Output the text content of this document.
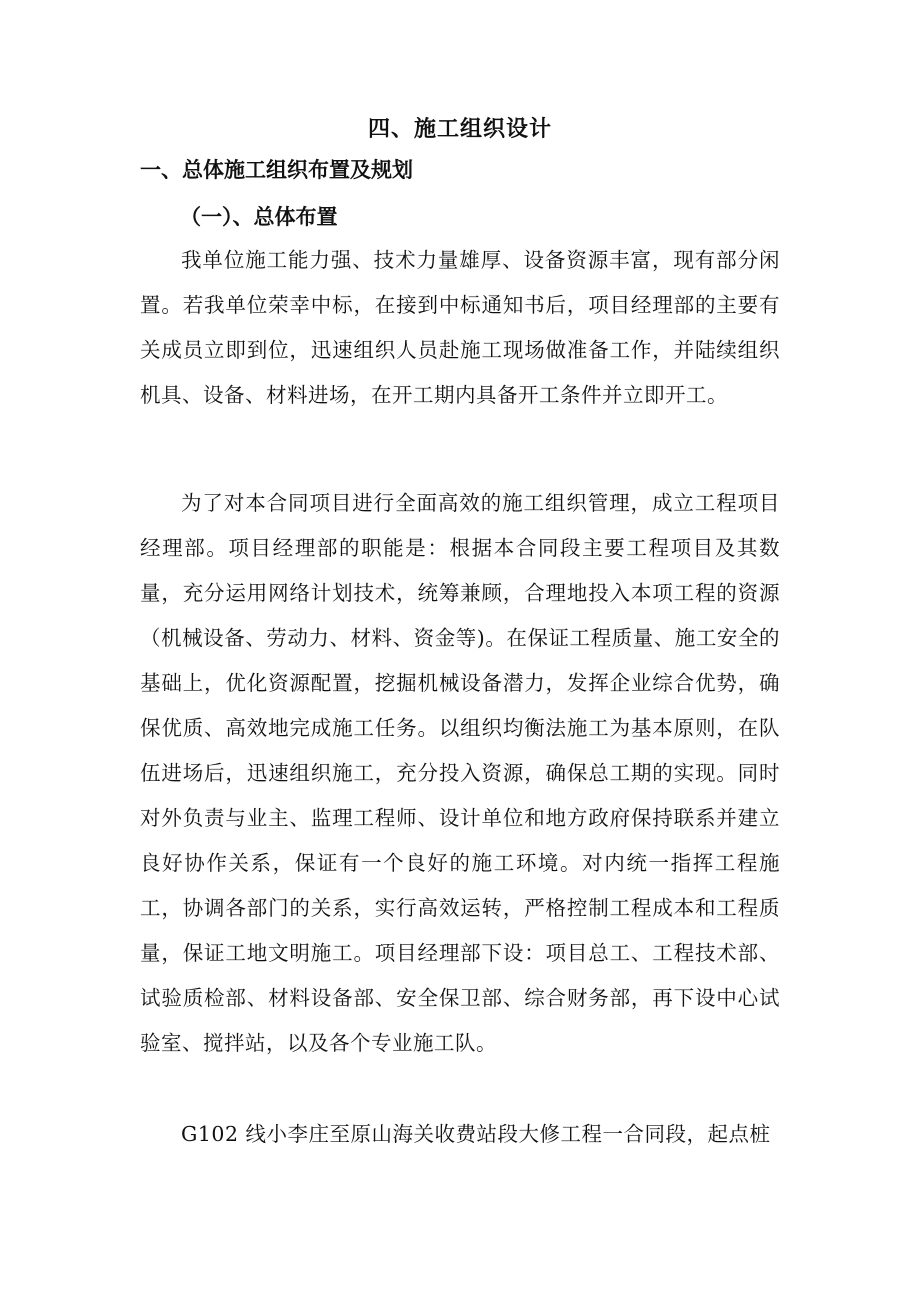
四、施工组织设计
一、总体施工组织布置及规划
（一）、总体布置

我单位施工能力强、技术力量雄厚、设备资源丰富，现有部分闲置。若我单位荣幸中标，在接到中标通知书后，项目经理部的主要有关成员立即到位，迅速组织人员赴施工现场做准备工作，并陆续组织机具、设备、材料进场，在开工期内具备开工条件并立即开工。

为了对本合同项目进行全面高效的施工组织管理，成立工程项目经理部。项目经理部的职能是：根据本合同段主要工程项目及其数量，充分运用网络计划技术，统筹兼顾，合理地投入本项工程的资源（机械设备、劳动力、材料、资金等)。在保证工程质量、施工安全的基础上，优化资源配置，挖掘机械设备潜力，发挥企业综合优势，确保优质、高效地完成施工任务。以组织均衡法施工为基本原则，在队伍进场后，迅速组织施工，充分投入资源，确保总工期的实现。同时对外负责与业主、监理工程师、设计单位和地方政府保持联系并建立良好协作关系，保证有一个良好的施工环境。对内统一指挥工程施工，协调各部门的关系，实行高效运转，严格控制工程成本和工程质量，保证工地文明施工。项目经理部下设：项目总工、工程技术部、试验质检部、材料设备部、安全保卫部、综合财务部，再下设中心试验室、搅拌站，以及各个专业施工队。

G102 线小李庄至原山海关收费站段大修工程一合同段，起点桩
